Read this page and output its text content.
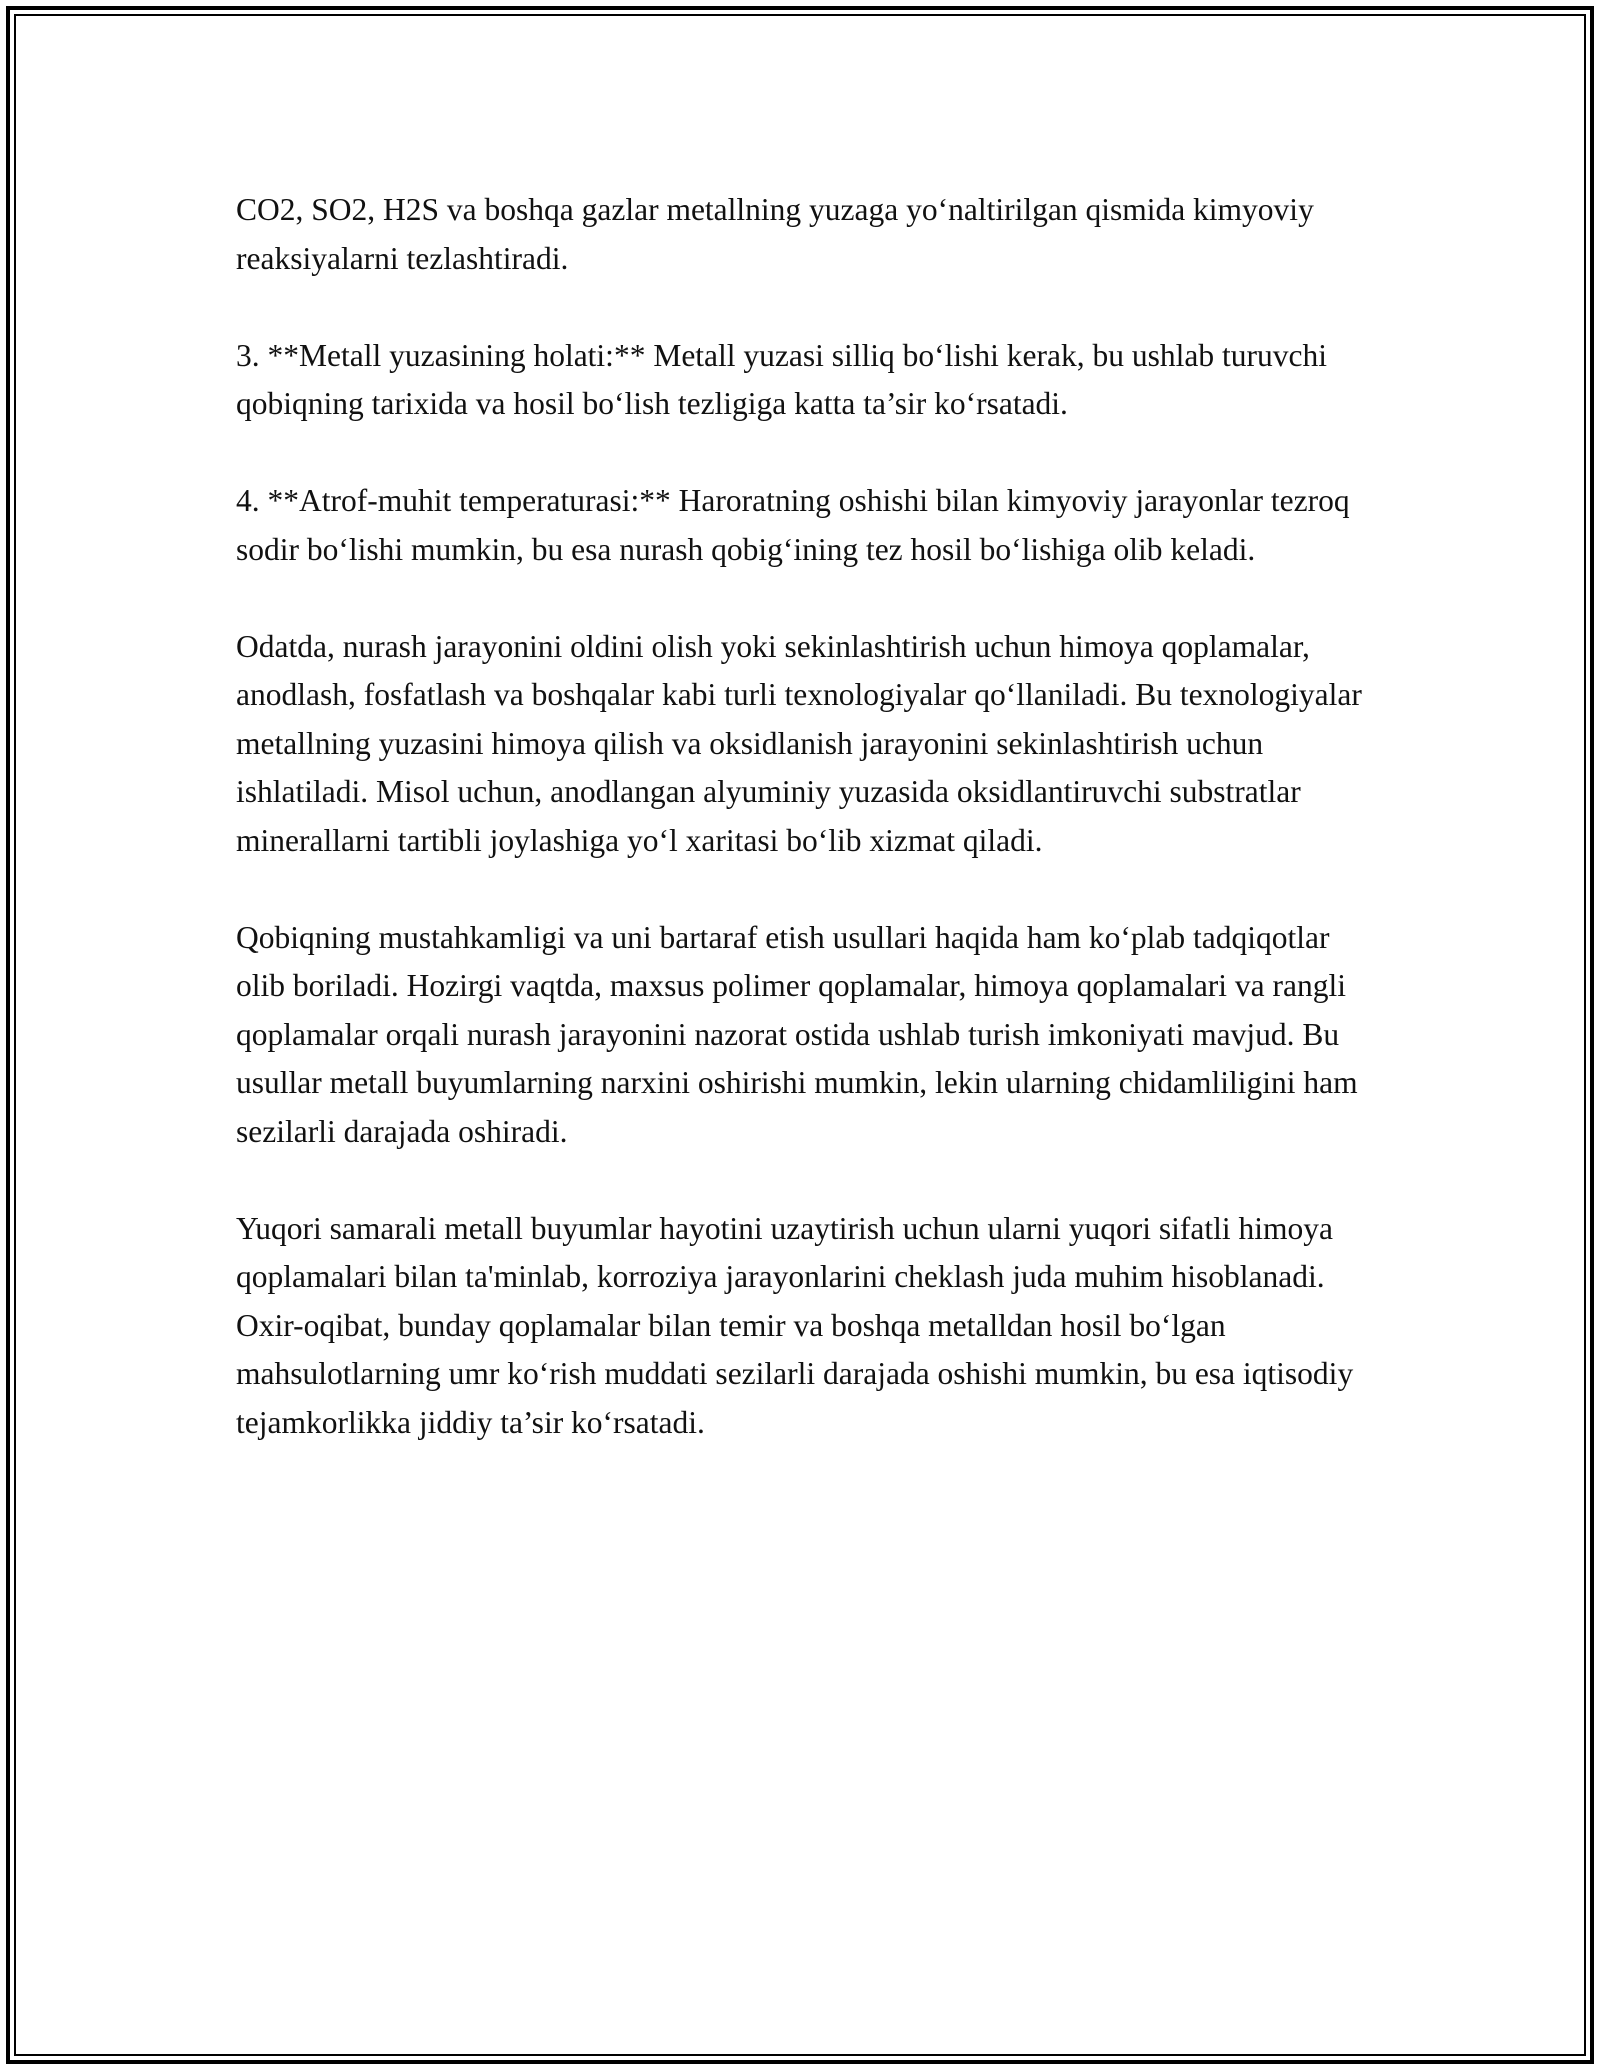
CO2, SO2, H2S va boshqa gazlar metallning yuzaga yo‘naltirilgan qismida kimyoviy reaksiyalarni tezlashtiradi.

3. **Metall yuzasining holati:** Metall yuzasi silliq bo‘lishi kerak, bu ushlab turuvchi qobiqning tarixida va hosil bo‘lish tezligiga katta ta’sir ko‘rsatadi.

4. **Atrof-muhit temperaturasi:** Haroratning oshishi bilan kimyoviy jarayonlar tezroq sodir bo‘lishi mumkin, bu esa nurash qobig‘ining tez hosil bo‘lishiga olib keladi.

Odatda, nurash jarayonini oldini olish yoki sekinlashtirish uchun himoya qoplamalar, anodlash, fosfatlash va boshqalar kabi turli texnologiyalar qo‘llaniladi. Bu texnologiyalar metallning yuzasini himoya qilish va oksidlanish jarayonini sekinlashtirish uchun ishlatiladi. Misol uchun, anodlangan alyuminiy yuzasida oksidlantiruvchi substratlar minerallarni tartibli joylashiga yo‘l xaritasi bo‘lib xizmat qiladi.

Qobiqning mustahkamligi va uni bartaraf etish usullari haqida ham ko‘plab tadqiqotlar olib boriladi. Hozirgi vaqtda, maxsus polimer qoplamalar, himoya qoplamalari va rangli qoplamalar orqali nurash jarayonini nazorat ostida ushlab turish imkoniyati mavjud. Bu usullar metall buyumlarning narxini oshirishi mumkin, lekin ularning chidamliligini ham sezilarli darajada oshiradi.

Yuqori samarali metall buyumlar hayotini uzaytirish uchun ularni yuqori sifatli himoya qoplamalari bilan ta'minlab, korroziya jarayonlarini cheklash juda muhim hisoblanadi. Oxir-oqibat, bunday qoplamalar bilan temir va boshqa metalldan hosil bo‘lgan mahsulotlarning umr ko‘rish muddati sezilarli darajada oshishi mumkin, bu esa iqtisodiy tejamkorlikka jiddiy ta’sir ko‘rsatadi.
